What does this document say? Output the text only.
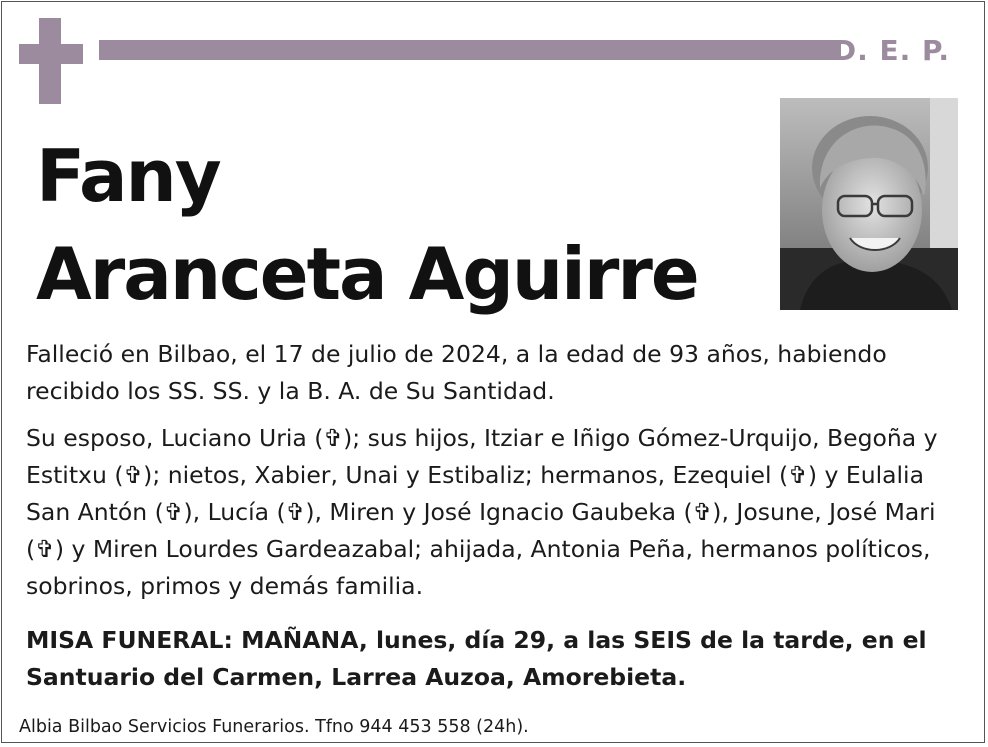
D. E. P.
Fany
Aranceta Aguirre

Falleció en Bilbao, el 17 de julio de 2024, a la edad de 93 años, habiendo recibido los SS. SS. y la B. A. de Su Santidad.

Su esposo, Luciano Uria (✞); sus hijos, Itziar e Iñigo Gómez-Urquijo, Begoña y Estitxu (✞); nietos, Xabier, Unai y Estibaliz; hermanos, Ezequiel (✞) y Eulalia San Antón (✞), Lucía (✞), Miren y José Ignacio Gaubeka (✞), Josune, José Mari (✞) y Miren Lourdes Gardeazabal; ahijada, Antonia Peña, hermanos políticos, sobrinos, primos y demás familia.

MISA FUNERAL: MAÑANA, lunes, día 29, a las SEIS de la tarde, en el Santuario del Carmen, Larrea Auzoa, Amorebieta.

Albia Bilbao Servicios Funerarios. Tfno 944 453 558 (24h).
